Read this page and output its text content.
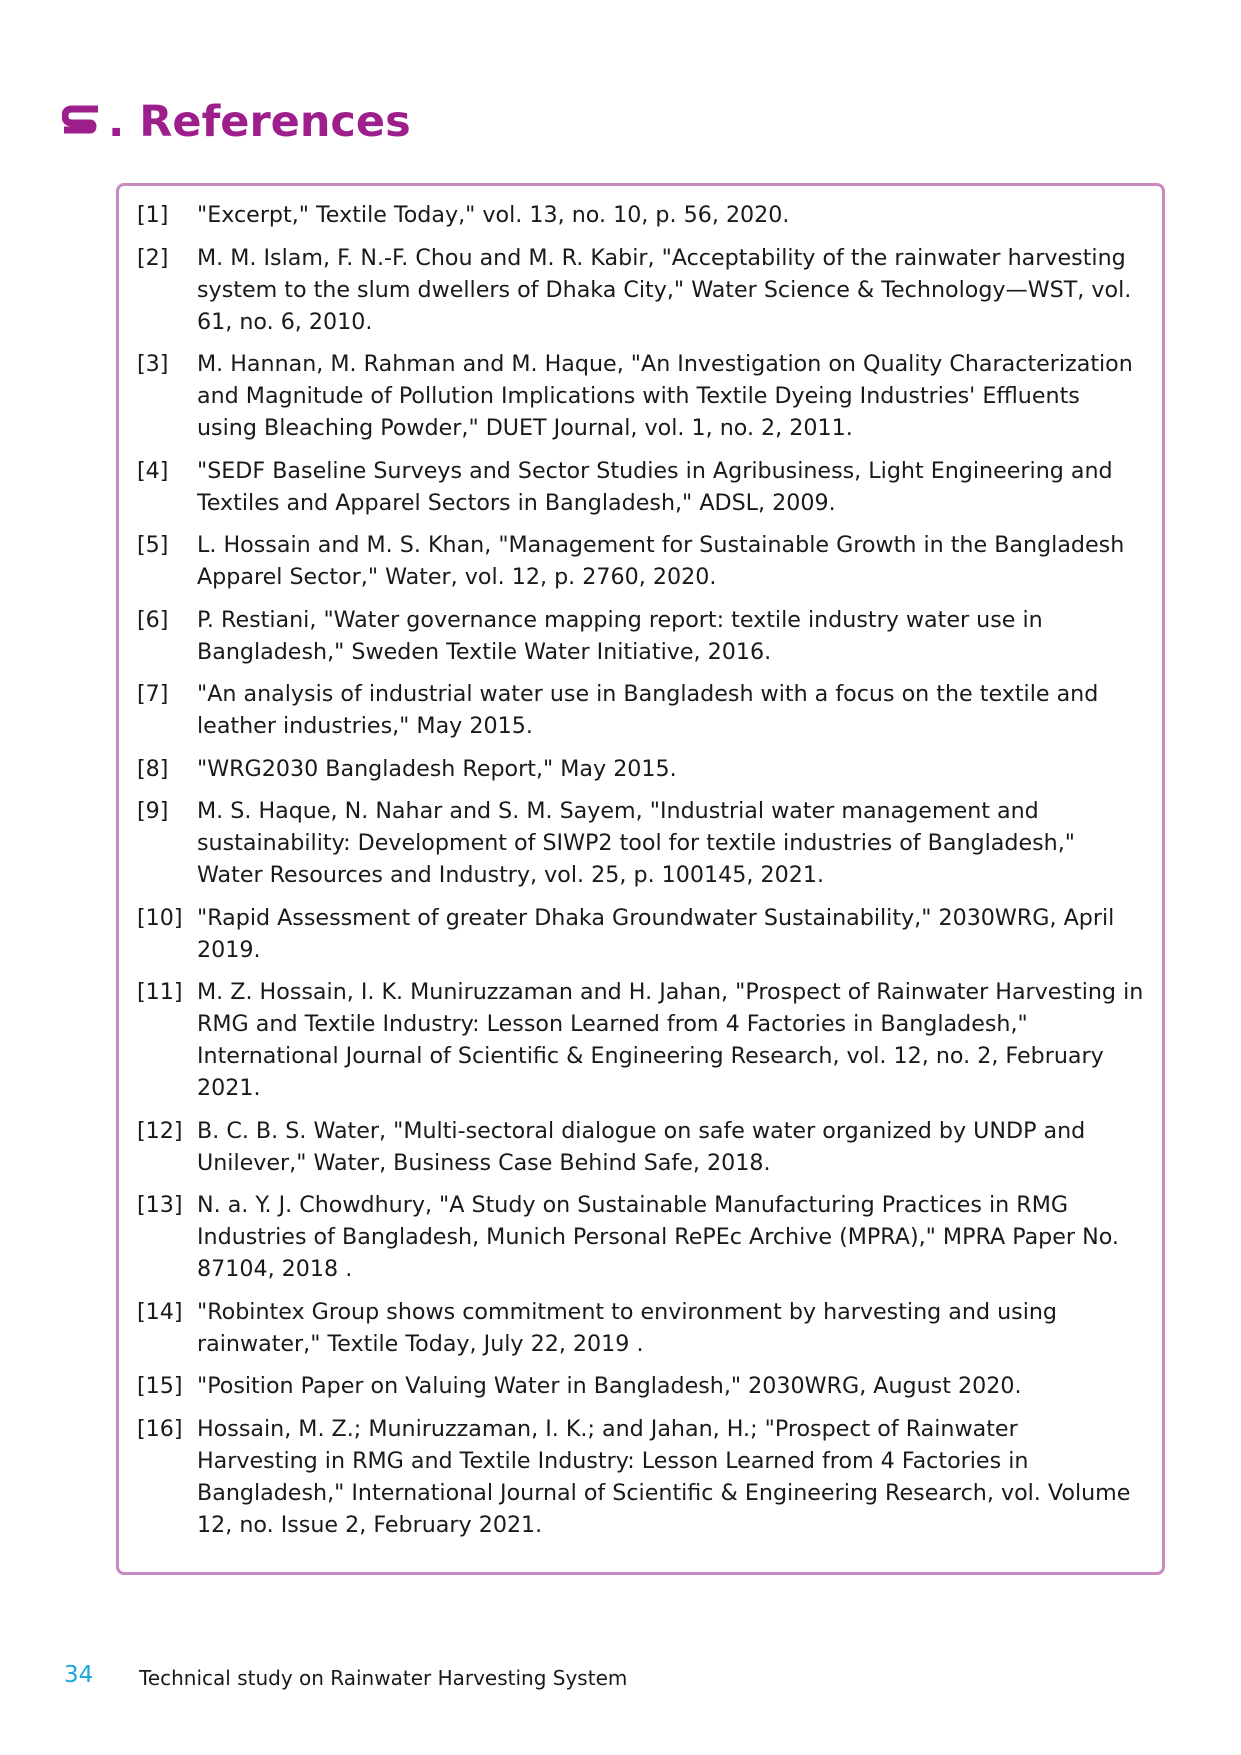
. References
[1]	"Excerpt," Textile Today," vol. 13, no. 10, p. 56, 2020.
[2]	M. M. Islam, F. N.-F. Chou and M. R. Kabir, "Acceptability of the rainwater harvesting system to the slum dwellers of Dhaka City," Water Science & Technology—WST, vol. 61, no. 6, 2010.
[3]	M. Hannan, M. Rahman and M. Haque, "An Investigation on Quality Characterization and Magnitude of Pollution Implications with Textile Dyeing Industries' Effluents using Bleaching Powder," DUET Journal, vol. 1, no. 2, 2011.
[4]	"SEDF Baseline Surveys and Sector Studies in Agribusiness, Light Engineering and Textiles and Apparel Sectors in Bangladesh," ADSL, 2009.
[5]	L. Hossain and M. S. Khan, "Management for Sustainable Growth in the Bangladesh Apparel Sector," Water, vol. 12, p. 2760, 2020.
[6]	P. Restiani, "Water governance mapping report: textile industry water use in Bangladesh," Sweden Textile Water Initiative, 2016.
[7]	"An analysis of industrial water use in Bangladesh with a focus on the textile and leather industries," May 2015.
[8]	"WRG2030 Bangladesh Report," May 2015.
[9]	M. S. Haque, N. Nahar and S. M. Sayem, "Industrial water management and sustainability: Development of SIWP2 tool for textile industries of Bangladesh," Water Resources and Industry, vol. 25, p. 100145, 2021.
[10] "Rapid Assessment of greater Dhaka Groundwater Sustainability," 2030WRG, April 2019.
[11] M. Z. Hossain, I. K. Muniruzzaman and H. Jahan, "Prospect of Rainwater Harvesting in RMG and Textile Industry: Lesson Learned from 4 Factories in Bangladesh," International Journal of Scientific & Engineering Research, vol. 12, no. 2, February 2021.
[12] B. C. B. S. Water, "Multi-sectoral dialogue on safe water organized by UNDP and Unilever," Water, Business Case Behind Safe, 2018.
[13] N. a. Y. J. Chowdhury, "A Study on Sustainable Manufacturing Practices in RMG Industries of Bangladesh, Munich Personal RePEc Archive (MPRA)," MPRA Paper No. 87104, 2018 .
[14] "Robintex Group shows commitment to environment by harvesting and using rainwater," Textile Today, July 22, 2019 .
[15] "Position Paper on Valuing Water in Bangladesh," 2030WRG, August 2020.
[16] Hossain, M. Z.; Muniruzzaman, I. K.; and Jahan, H.; "Prospect of Rainwater Harvesting in RMG and Textile Industry: Lesson Learned from 4 Factories in Bangladesh," International Journal of Scientific & Engineering Research, vol. Volume 12, no. Issue 2, February 2021.
34 Technical study on Rainwater Harvesting System
